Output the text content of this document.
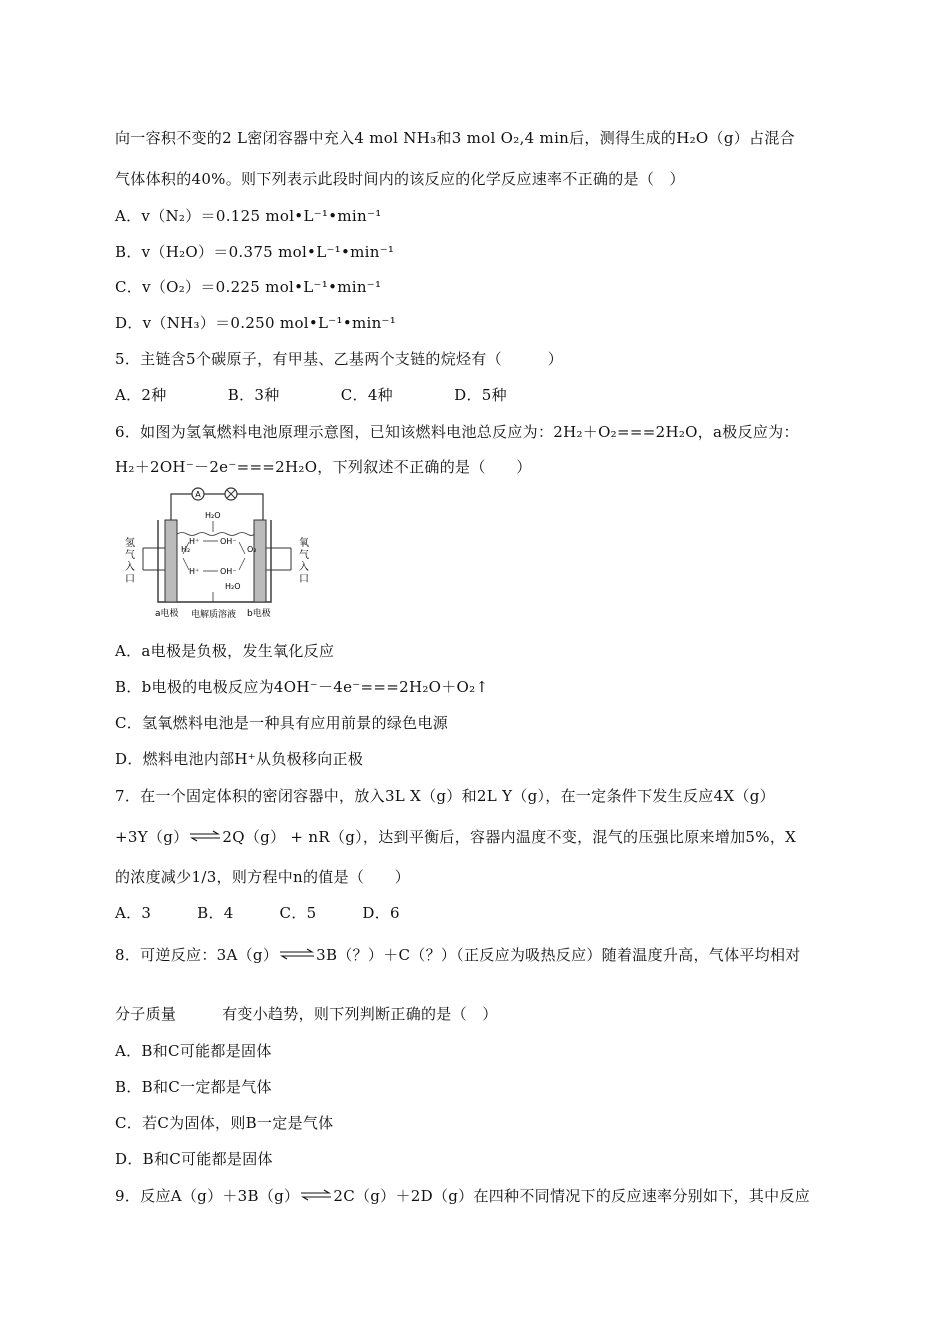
向一容积不变的2 L密闭容器中充入4 mol NH₃和3 mol O₂,4 min后，测得生成的H₂O（g）占混合
气体体积的40%。则下列表示此段时间内的该反应的化学反应速率不正确的是（　）
A．v（N₂）＝0.125 mol•L⁻¹•min⁻¹
B．v（H₂O）＝0.375 mol•L⁻¹•min⁻¹
C．v（O₂）＝0.225 mol•L⁻¹•min⁻¹
D．v（NH₃）＝0.250 mol•L⁻¹•min⁻¹
5．主链含5个碳原子，有甲基、乙基两个支链的烷烃有（　　　）
A．2种　　　　B．3种　　　　C．4种　　　　D．5种
6．如图为氢氧燃料电池原理示意图，已知该燃料电池总反应为：2H₂＋O₂===2H₂O，a极反应为：
H₂＋2OH⁻－2e⁻===2H₂O，下列叙述不正确的是（　　）
A
氢
气
入
口
氧
气
入
口
H₂O
H₂	O₂
H⁺	OH⁻
H⁺	OH⁻
H₂O
a电极 电解质溶液 b电极
A．a电极是负极，发生氧化反应
B．b电极的电极反应为4OH⁻－4e⁻===2H₂O＋O₂↑
C．氢氧燃料电池是一种具有应用前景的绿色电源
D．燃料电池内部H⁺从负极移向正极
7．在一个固定体积的密闭容器中，放入3L X（g）和2L Y（g），在一定条件下发生反应4X（g）
+3Y（g）⇌2Q（g） + nR（g），达到平衡后，容器内温度不变，混气的压强比原来增加5%，X
的浓度减少1/3，则方程中n的值是（　　）
A．3　　　B．4　　　C．5　　　D．6
8．可逆反应：3A（g）⇌3B（？）＋C（？）（正反应为吸热反应）随着温度升高，气体平均相对
分子质量　　　有变小趋势，则下列判断正确的是（　）
A．B和C可能都是固体
B．B和C一定都是气体
C．若C为固体，则B一定是气体
D．B和C可能都是固体
9．反应A（g）＋3B（g）⇌2C（g）＋2D（g）在四种不同情况下的反应速率分别如下，其中反应
